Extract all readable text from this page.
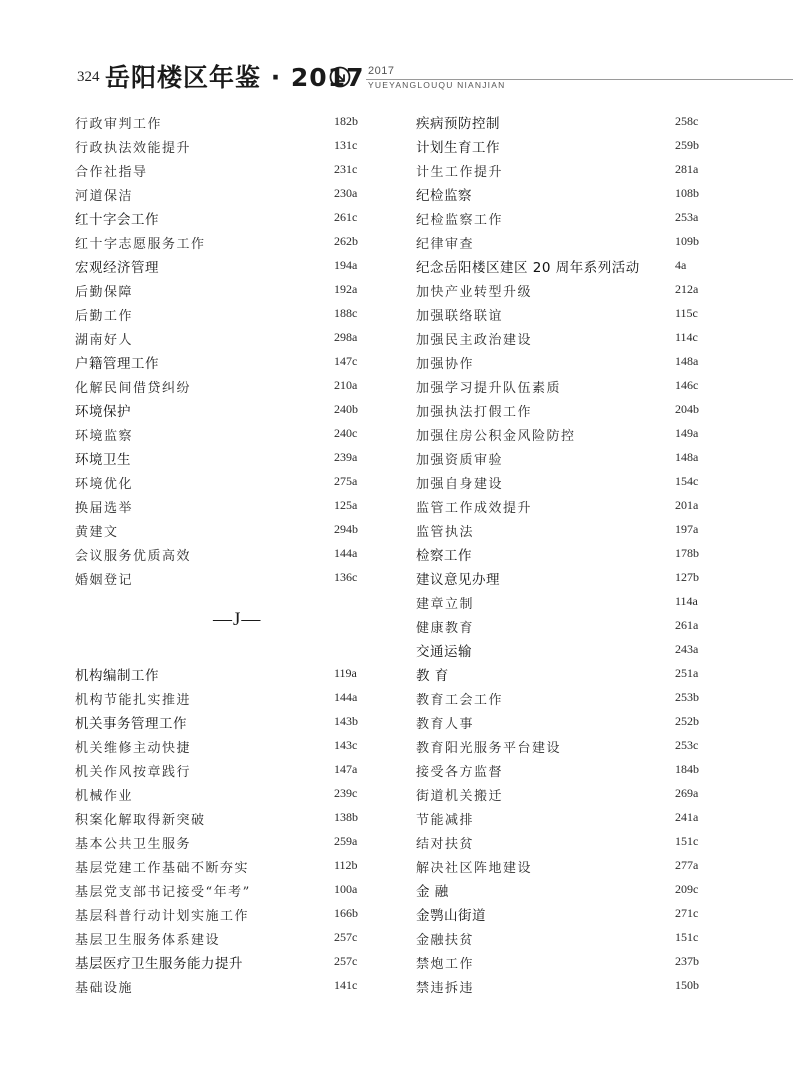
324 岳阳楼区年鉴 · 2017 2017
YUEYANGLOUQU NIANJIAN
行政审判工作	182b
行政执法效能提升	131c
合作社指导	231c
河道保洁	230a
红十字会工作	261c
红十字志愿服务工作	262b
宏观经济管理	194a
后勤保障	192a
后勤工作	188c
湖南好人	298a
户籍管理工作	147c
化解民间借贷纠纷	210a
环境保护	240b
环境监察	240c
环境卫生	239a
环境优化	275a
换届选举	125a
黄建文	294b
会议服务优质高效	144a
婚姻登记	136c
—J—
机构编制工作	119a
机构节能扎实推进	144a
机关事务管理工作	143b
机关维修主动快捷	143c
机关作风按章践行	147a
机械作业	239c
积案化解取得新突破	138b
基本公共卫生服务	259a
基层党建工作基础不断夯实	112b
基层党支部书记接受“年考”	100a
基层科普行动计划实施工作	166b
基层卫生服务体系建设	257c
基层医疗卫生服务能力提升	257c
基础设施	141c
疾病预防控制	258c
计划生育工作	259b
计生工作提升	281a
纪检监察	108b
纪检监察工作	253a
纪律审查	109b
纪念岳阳楼区建区 20 周年系列活动	4a
加快产业转型升级	212a
加强联络联谊	115c
加强民主政治建设	114c
加强协作	148a
加强学习提升队伍素质	146c
加强执法打假工作	204b
加强住房公积金风险防控	149a
加强资质审验	148a
加强自身建设	154c
监管工作成效提升	201a
监管执法	197a
检察工作	178b
建议意见办理	127b
建章立制	114a
健康教育	261a
交通运输	243a
教 育	251a
教育工会工作	253b
教育人事	252b
教育阳光服务平台建设	253c
接受各方监督	184b
街道机关搬迁	269a
节能减排	241a
结对扶贫	151c
解决社区阵地建设	277a
金 融	209c
金鹗山街道	271c
金融扶贫	151c
禁炮工作	237b
禁违拆违	150b
